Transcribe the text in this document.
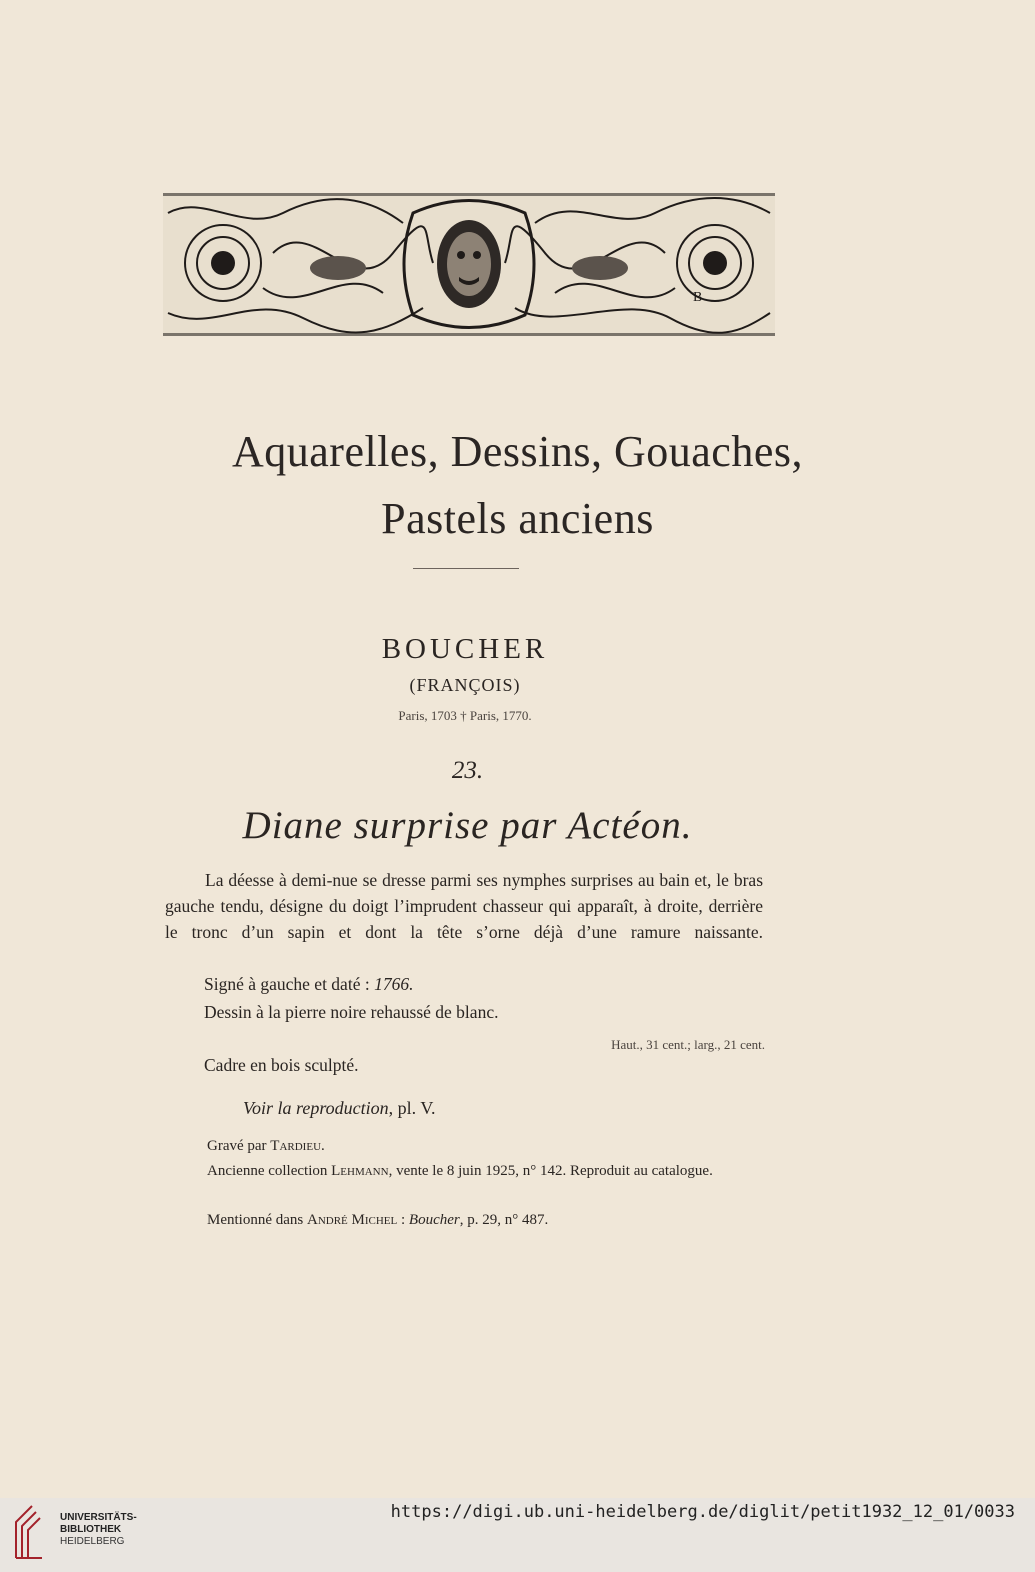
B
Aquarelles, Dessins, Gouaches,
Pastels anciens
BOUCHER
(FRANÇOIS)
Paris, 1703 † Paris, 1770.
23.
Diane surprise par Actéon.
La déesse à demi-nue se dresse parmi ses nymphes surprises au bain et, le bras gauche tendu, désigne du doigt l’imprudent chasseur qui apparaît, à droite, derrière le tronc d’un sapin et dont la tête s’orne déjà d’une ramure naissante.
Signé à gauche et daté : 1766.
Dessin à la pierre noire rehaussé de blanc.
Haut., 31 cent.; larg., 21 cent.
Cadre en bois sculpté.
Voir la reproduction, pl. V.
Gravé par Tardieu.
Ancienne collection Lehmann, vente le 8 juin 1925, n° 142. Reproduit au catalogue.
Mentionné dans André Michel : Boucher, p. 29, n° 487.
UNIVERSITÄTS-
BIBLIOTHEK
HEIDELBERG
https://digi.ub.uni-heidelberg.de/diglit/petit1932_12_01/0033
